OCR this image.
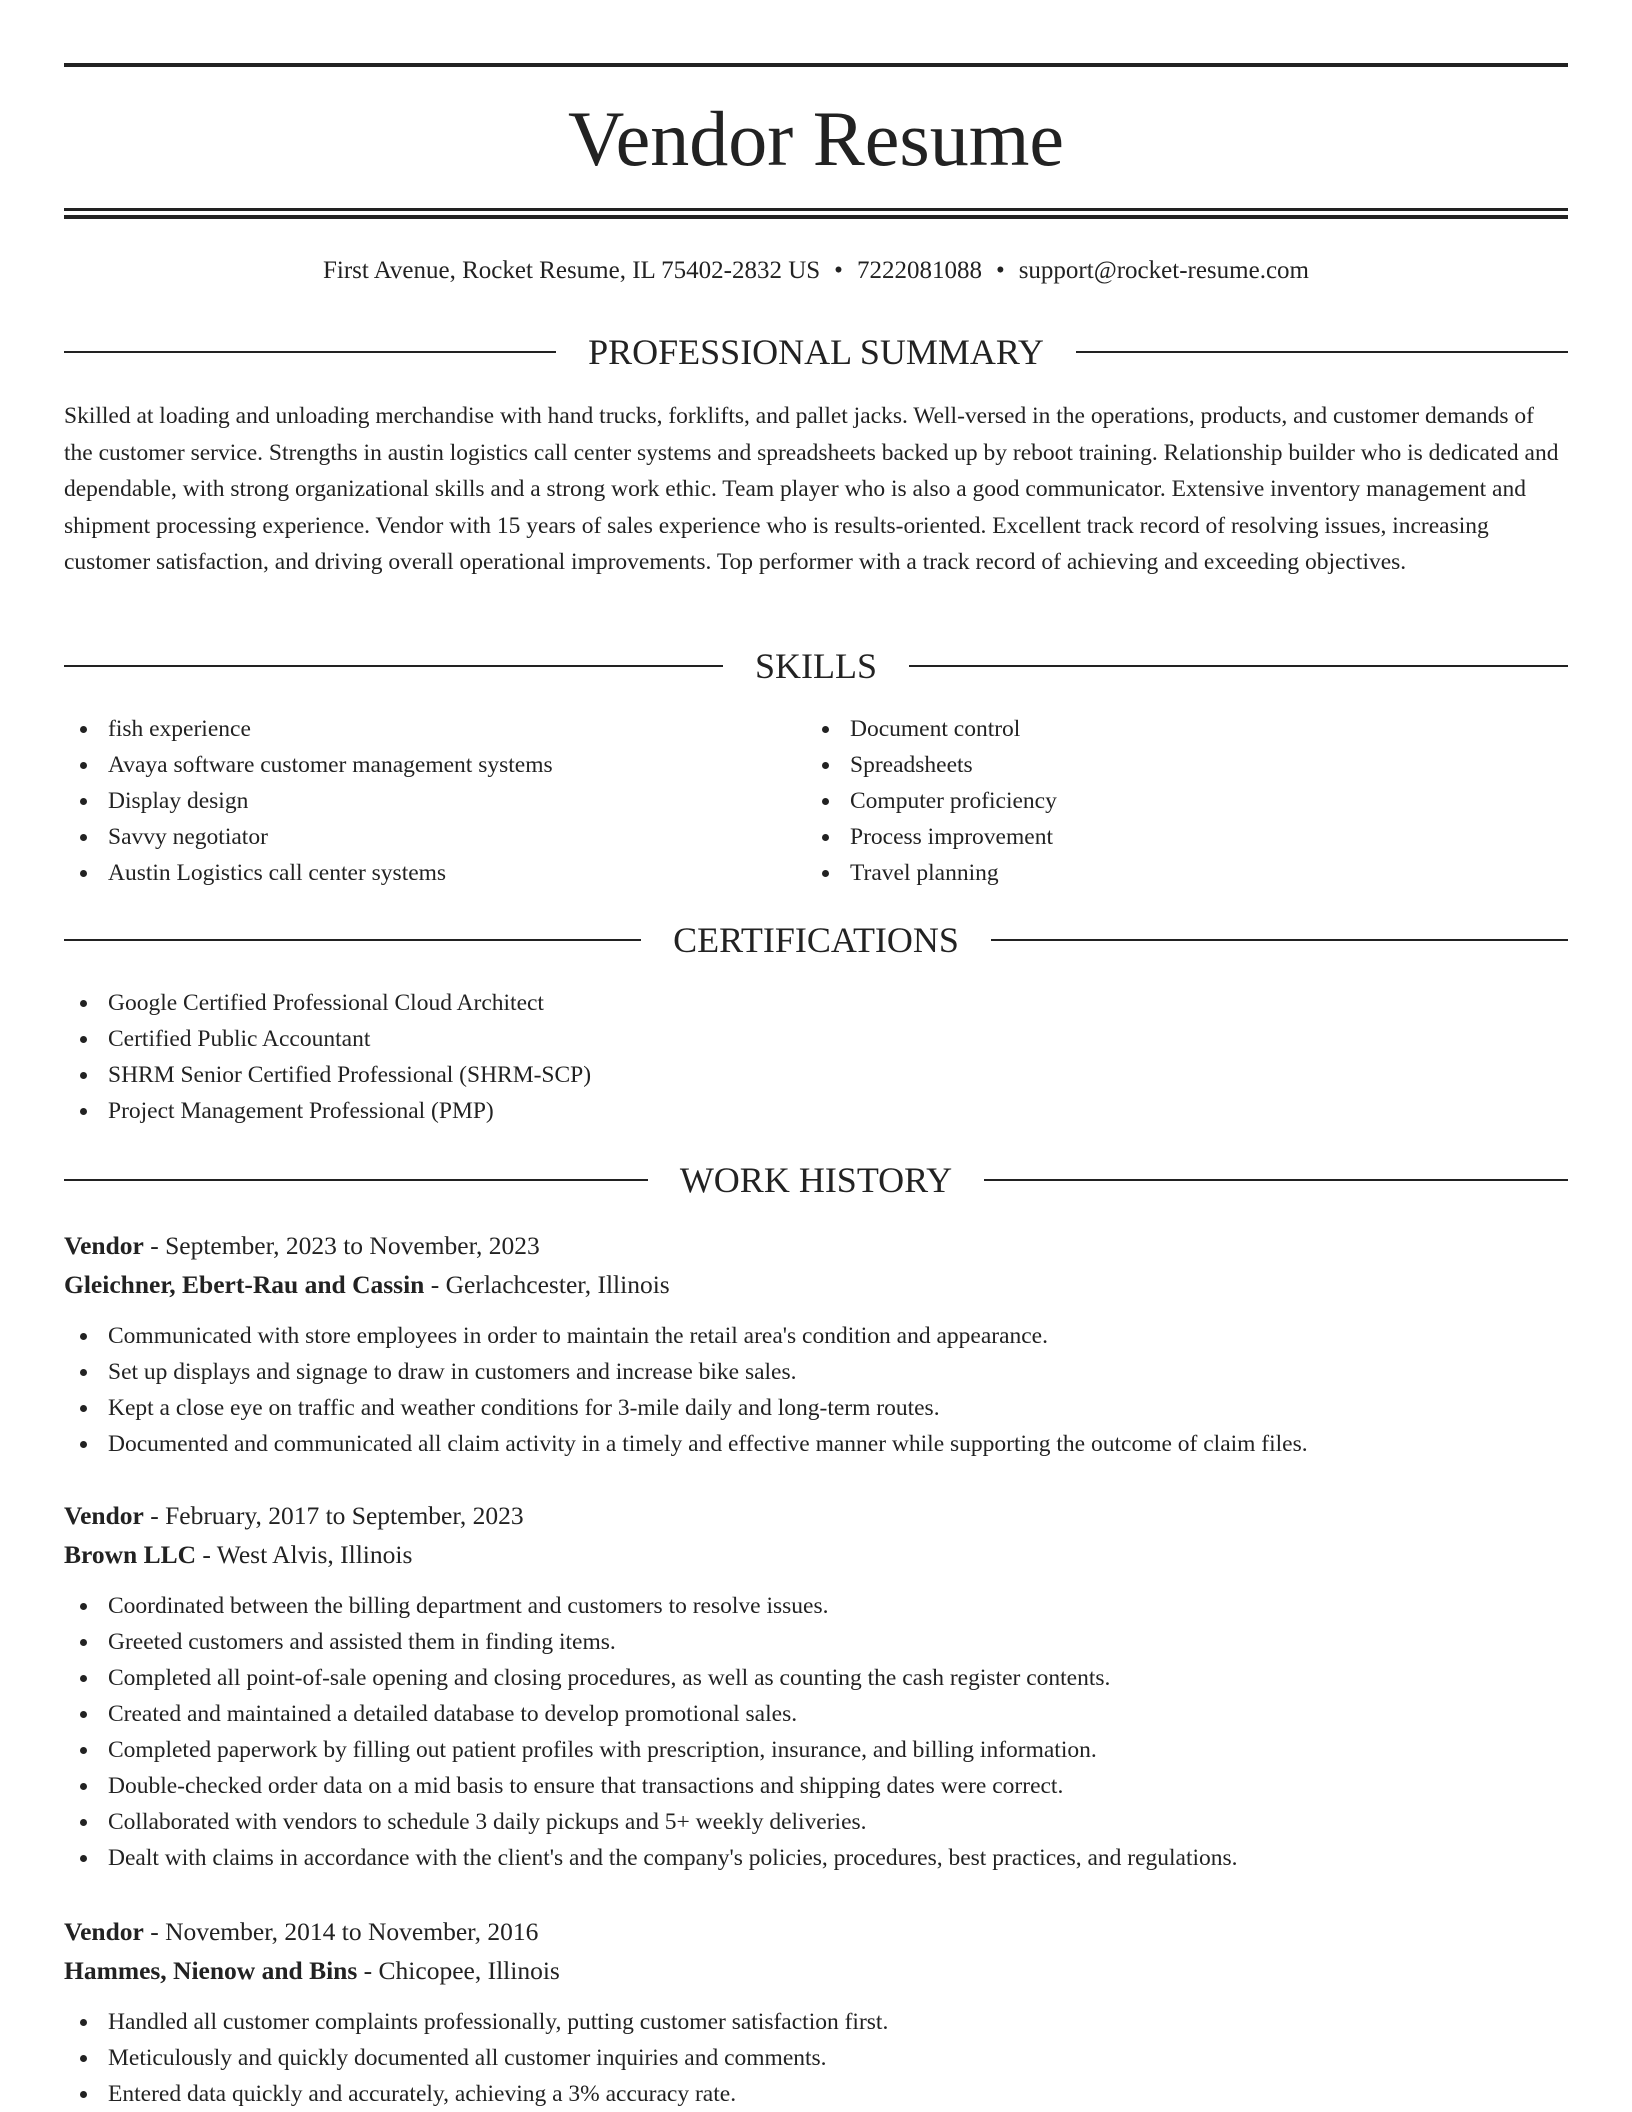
Vendor Resume
First Avenue, Rocket Resume, IL 75402-2832 US • 7222081088 • support@rocket-resume.com
PROFESSIONAL SUMMARY

Skilled at loading and unloading merchandise with hand trucks, forklifts, and pallet jacks. Well-versed in the operations, products, and customer demands of the customer service. Strengths in austin logistics call center systems and spreadsheets backed up by reboot training. Relationship builder who is dedicated and dependable, with strong organizational skills and a strong work ethic. Team player who is also a good communicator. Extensive inventory management and shipment processing experience. Vendor with 15 years of sales experience who is results-oriented. Excellent track record of resolving issues, increasing customer satisfaction, and driving overall operational improvements. Top performer with a track record of achieving and exceeding objectives.

SKILLS
fish experience
Avaya software customer management systems
Display design
Savvy negotiator
Austin Logistics call center systems
Document control
Spreadsheets
Computer proficiency
Process improvement
Travel planning
CERTIFICATIONS
Google Certified Professional Cloud Architect
Certified Public Accountant
SHRM Senior Certified Professional (SHRM-SCP)
Project Management Professional (PMP)
WORK HISTORY
Vendor - September, 2023 to November, 2023
Gleichner, Ebert-Rau and Cassin - Gerlachcester, Illinois
Communicated with store employees in order to maintain the retail area's condition and appearance.
Set up displays and signage to draw in customers and increase bike sales.
Kept a close eye on traffic and weather conditions for 3-mile daily and long-term routes.
Documented and communicated all claim activity in a timely and effective manner while supporting the outcome of claim files.
Vendor - February, 2017 to September, 2023
Brown LLC - West Alvis, Illinois
Coordinated between the billing department and customers to resolve issues.
Greeted customers and assisted them in finding items.
Completed all point-of-sale opening and closing procedures, as well as counting the cash register contents.
Created and maintained a detailed database to develop promotional sales.
Completed paperwork by filling out patient profiles with prescription, insurance, and billing information.
Double-checked order data on a mid basis to ensure that transactions and shipping dates were correct.
Collaborated with vendors to schedule 3 daily pickups and 5+ weekly deliveries.
Dealt with claims in accordance with the client's and the company's policies, procedures, best practices, and regulations.
Vendor - November, 2014 to November, 2016
Hammes, Nienow and Bins - Chicopee, Illinois
Handled all customer complaints professionally, putting customer satisfaction first.
Meticulously and quickly documented all customer inquiries and comments.
Entered data quickly and accurately, achieving a 3% accuracy rate.
